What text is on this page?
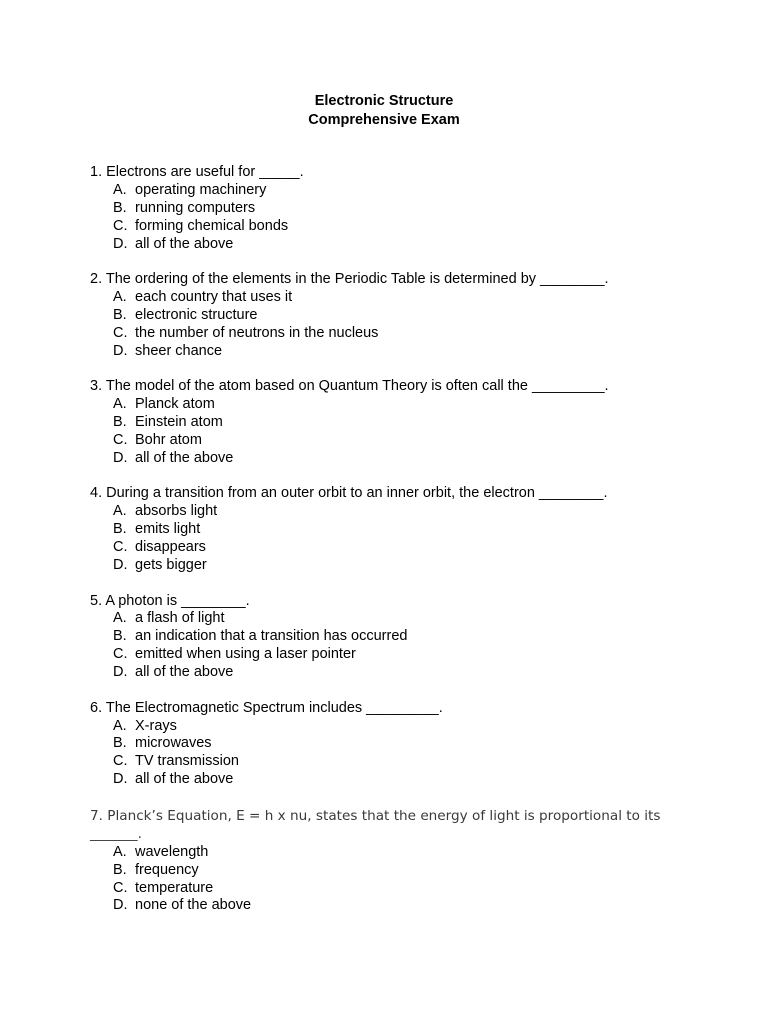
Electronic Structure
Comprehensive Exam
1. Electrons are useful for _____.
A. operating machinery
B. running computers
C. forming chemical bonds
D. all of the above
2. The ordering of the elements in the Periodic Table is determined by ________.
A. each country that uses it
B. electronic structure
C. the number of neutrons in the nucleus
D. sheer chance
3. The model of the atom based on Quantum Theory is often call the _________.
A. Planck atom
B. Einstein atom
C. Bohr atom
D. all of the above
4. During a transition from an outer orbit to an inner orbit, the electron ________.
A. absorbs light
B. emits light
C. disappears
D. gets bigger
5. A photon is ________.
A. a flash of light
B. an indication that a transition has occurred
C. emitted when using a laser pointer
D. all of the above
6. The Electromagnetic Spectrum includes _________.
A. X-rays
B. microwaves
C. TV transmission
D. all of the above
7. Planck’s Equation, E = h x nu, states that the energy of light is proportional to its _______.
A. wavelength
B. frequency
C. temperature
D. none of the above
